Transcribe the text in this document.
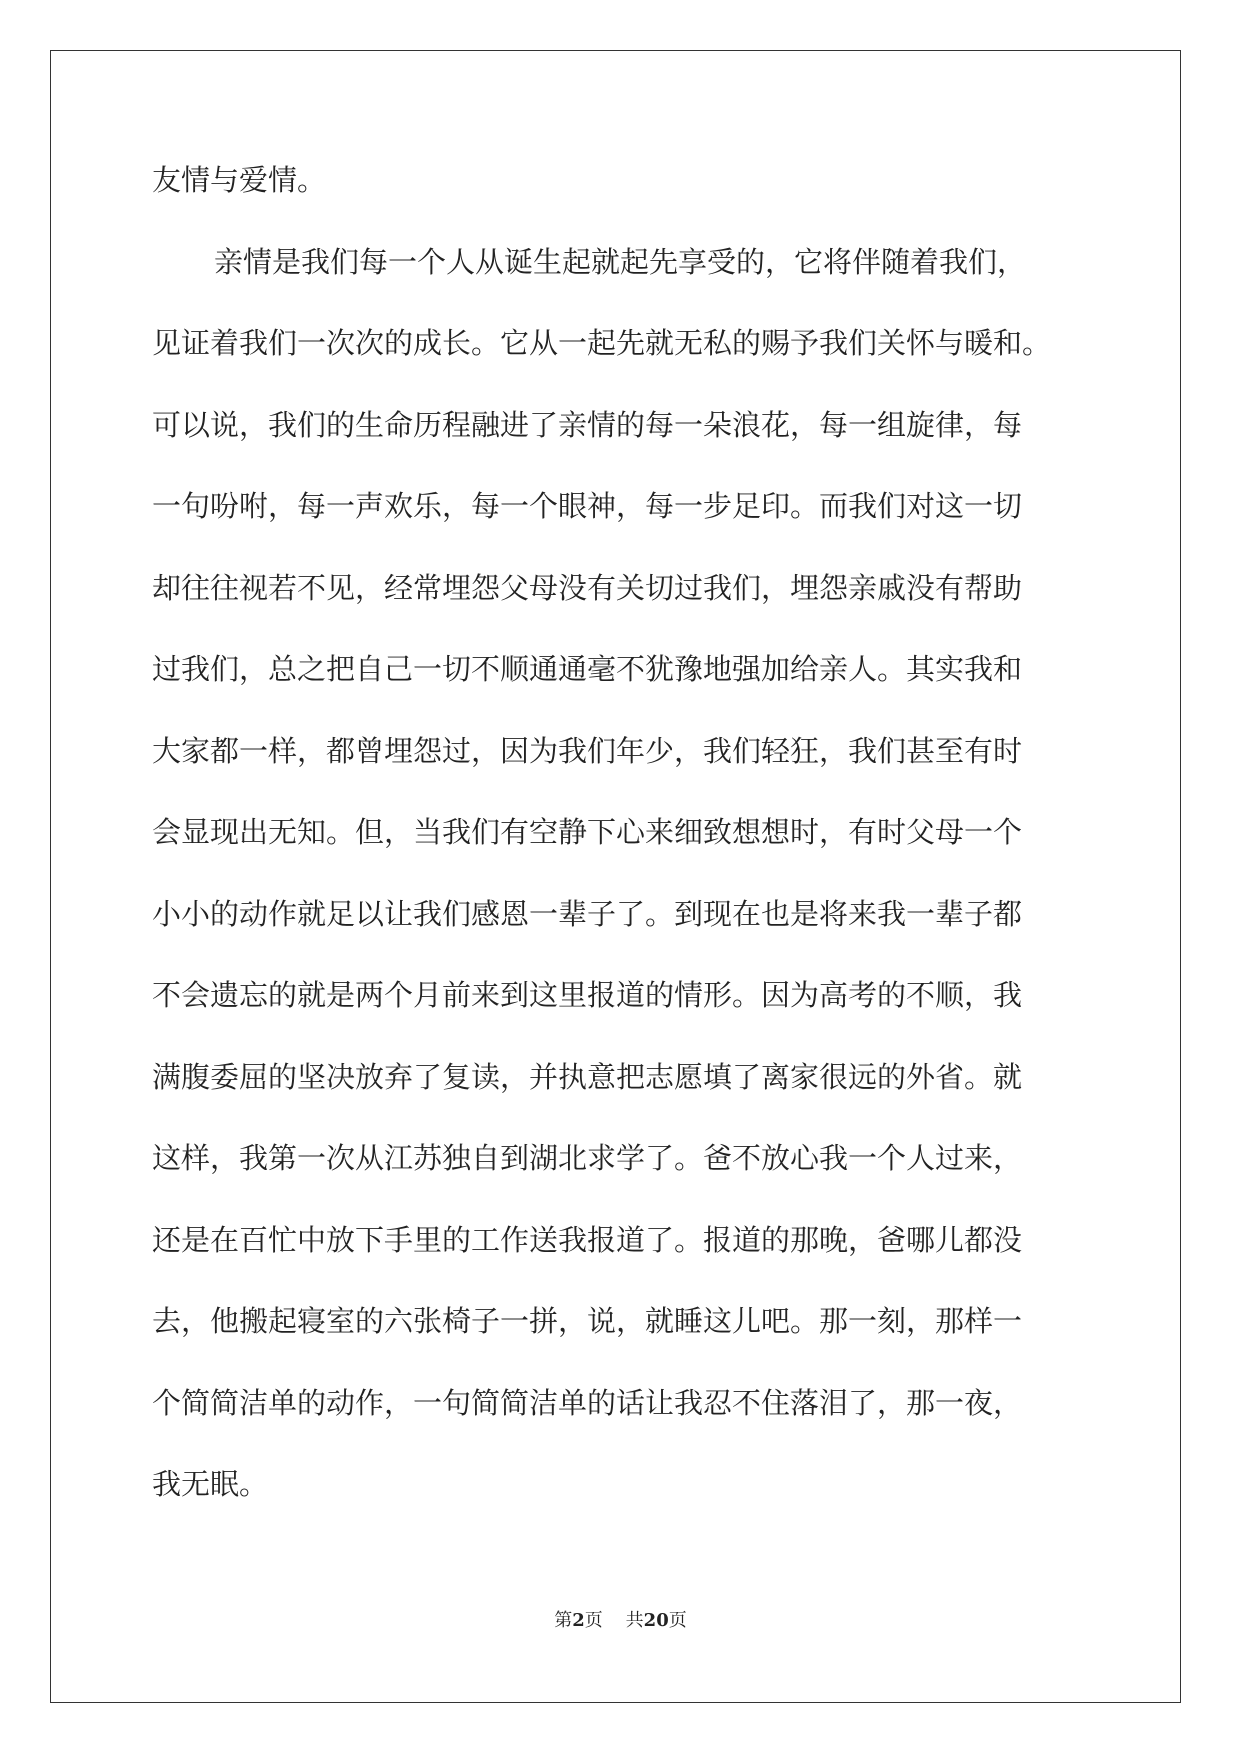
友情与爱情。
亲情是我们每一个人从诞生起就起先享受的，它将伴随着我们，
见证着我们一次次的成长。它从一起先就无私的赐予我们关怀与暖和。
可以说，我们的生命历程融进了亲情的每一朵浪花，每一组旋律，每
一句吩咐，每一声欢乐，每一个眼神，每一步足印。而我们对这一切
却往往视若不见，经常埋怨父母没有关切过我们，埋怨亲戚没有帮助
过我们，总之把自己一切不顺通通毫不犹豫地强加给亲人。其实我和
大家都一样，都曾埋怨过，因为我们年少，我们轻狂，我们甚至有时
会显现出无知。但，当我们有空静下心来细致想想时，有时父母一个
小小的动作就足以让我们感恩一辈子了。到现在也是将来我一辈子都
不会遗忘的就是两个月前来到这里报道的情形。因为高考的不顺，我
满腹委屈的坚决放弃了复读，并执意把志愿填了离家很远的外省。就
这样，我第一次从江苏独自到湖北求学了。爸不放心我一个人过来，
还是在百忙中放下手里的工作送我报道了。报道的那晚，爸哪儿都没
去，他搬起寝室的六张椅子一拼，说，就睡这儿吧。那一刻，那样一
个简简洁单的动作，一句简简洁单的话让我忍不住落泪了，那一夜，
我无眠。
第2页 共20页
